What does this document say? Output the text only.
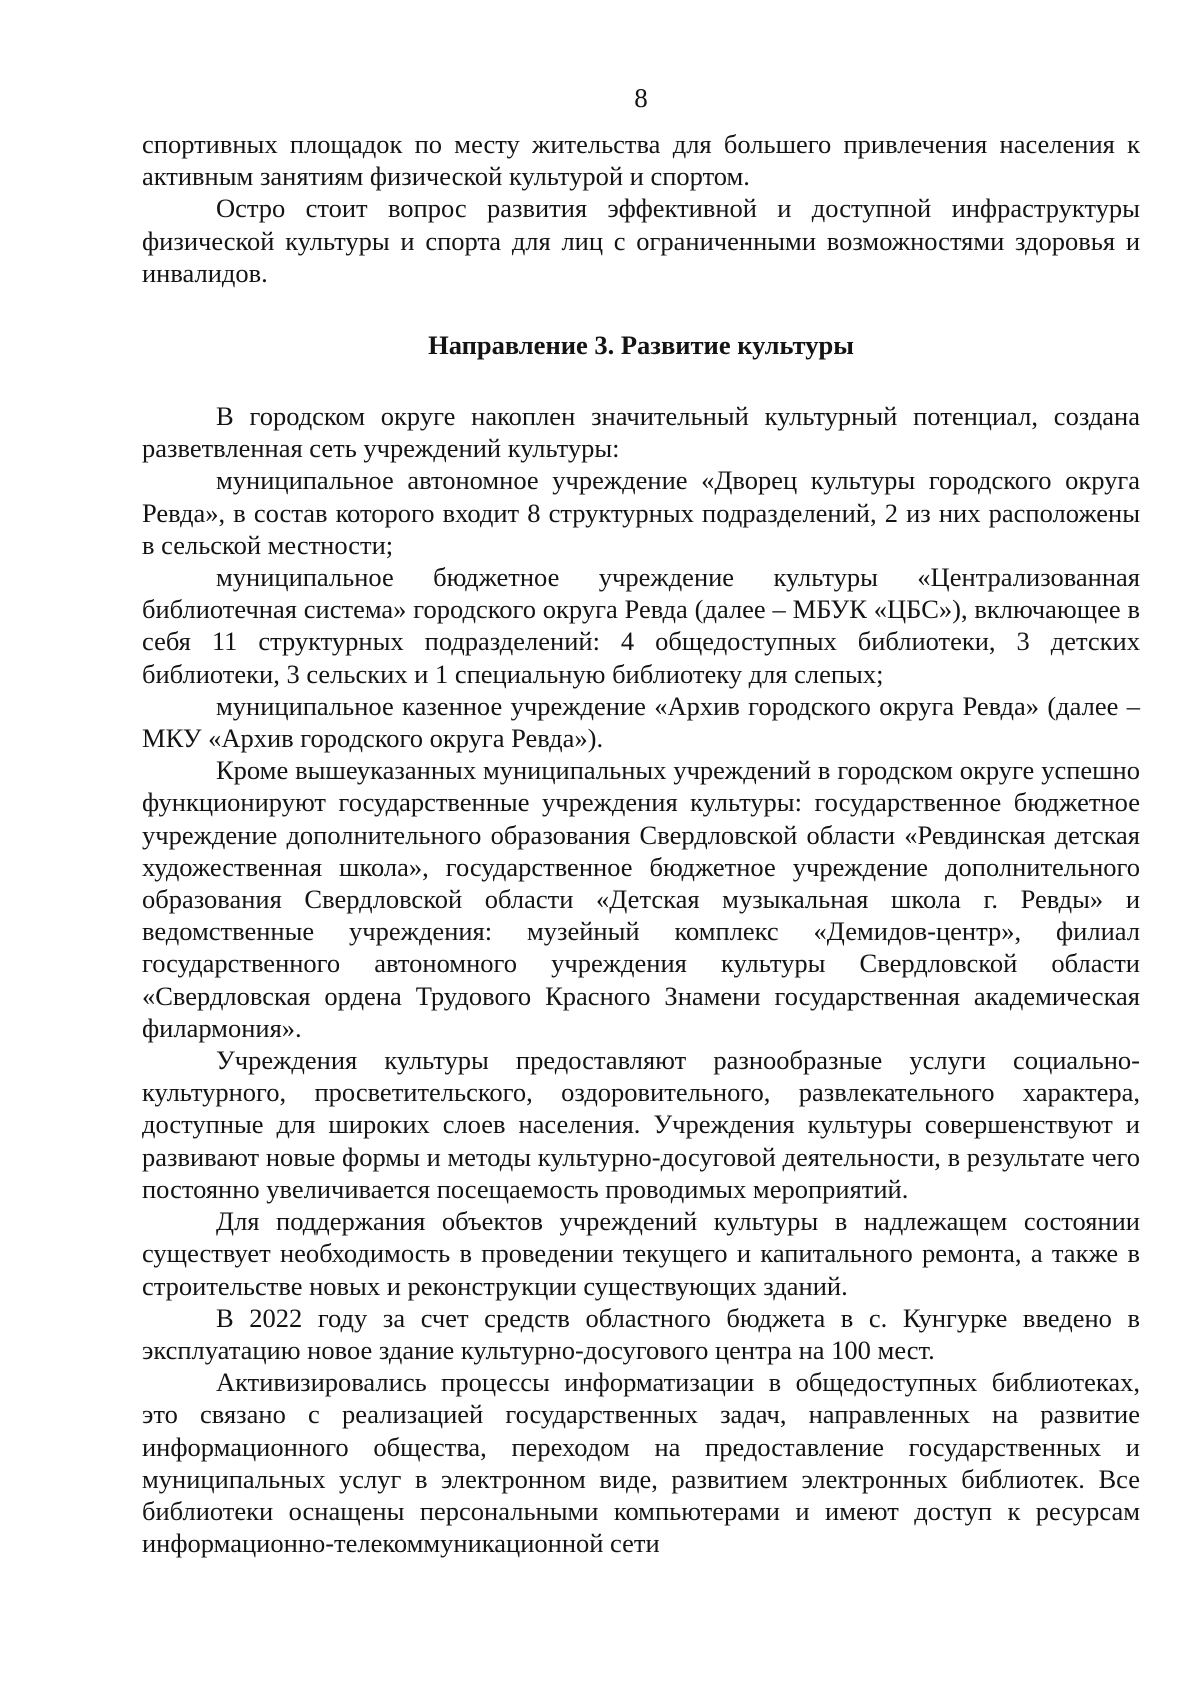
8

спортивных площадок по месту жительства для большего привлечения населения к активным занятиям физической культурой и спортом.

Остро стоит вопрос развития эффективной и доступной инфраструктуры физической культуры и спорта для лиц с ограниченными возможностями здоровья и инвалидов.

Направление 3. Развитие культуры

В городском округе накоплен значительный культурный потенциал, создана разветвленная сеть учреждений культуры:

муниципальное автономное учреждение «Дворец культуры городского округа Ревда», в состав которого входит 8 структурных подразделений, 2 из них расположены в сельской местности;

муниципальное бюджетное учреждение культуры «Централизованная библиотечная система» городского округа Ревда (далее – МБУК «ЦБС»), включающее в себя 11 структурных подразделений: 4 общедоступных библиотеки, 3 детских библиотеки, 3 сельских и 1 специальную библиотеку для слепых;

муниципальное казенное учреждение «Архив городского округа Ревда» (далее – МКУ «Архив городского округа Ревда»).

Кроме вышеуказанных муниципальных учреждений в городском округе успешно функционируют государственные учреждения культуры: государственное бюджетное учреждение дополнительного образования Свердловской области «Ревдинская детская художественная школа», государственное бюджетное учреждение дополнительного образования Свердловской области «Детская музыкальная школа г. Ревды» и ведомственные учреждения: музейный комплекс «Демидов-центр», филиал государственного автономного учреждения культуры Свердловской области «Свердловская ордена Трудового Красного Знамени государственная академическая филармония».

Учреждения культуры предоставляют разнообразные услуги социально-культурного, просветительского, оздоровительного, развлекательного характера, доступные для широких слоев населения. Учреждения культуры совершенствуют и развивают новые формы и методы культурно-досуговой деятельности, в результате чего постоянно увеличивается посещаемость проводимых мероприятий.

Для поддержания объектов учреждений культуры в надлежащем состоянии существует необходимость в проведении текущего и капитального ремонта, а также в строительстве новых и реконструкции существующих зданий.

В 2022 году за счет средств областного бюджета в с. Кунгурке введено в эксплуатацию новое здание культурно-досугового центра на 100 мест.

Активизировались процессы информатизации в общедоступных библиотеках, это связано с реализацией государственных задач, направленных на развитие информационного общества, переходом на предоставление государственных и муниципальных услуг в электронном виде, развитием электронных библиотек. Все библиотеки оснащены персональными компьютерами и имеют доступ к ресурсам информационно-телекоммуникационной сети
